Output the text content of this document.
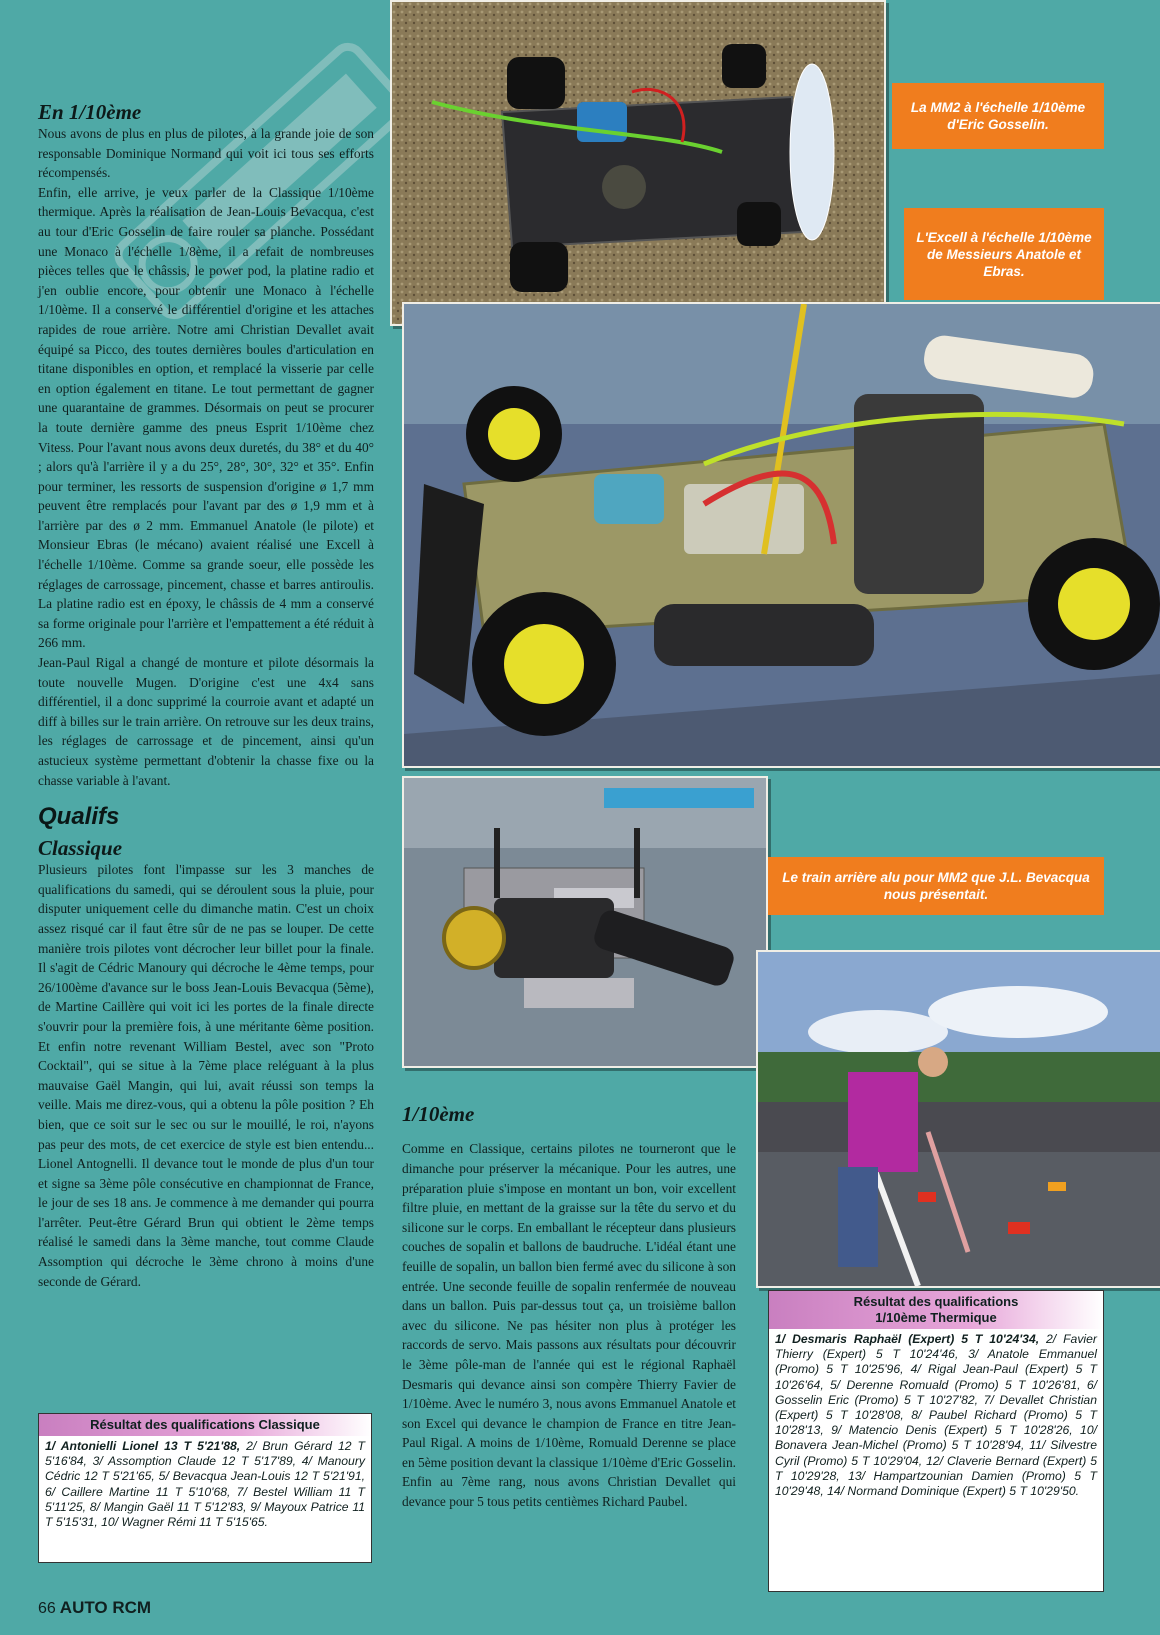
En 1/10ème

Nous avons de plus en plus de pilotes, à la grande joie de son responsable Dominique Normand qui voit ici tous ses efforts récompensés.

Enfin, elle arrive, je veux parler de la Classique 1/10ème thermique. Après la réalisation de Jean-Louis Bevacqua, c'est au tour d'Eric Gosselin de faire rouler sa planche. Possédant une Monaco à l'échelle 1/8ème, il a refait de nombreuses pièces telles que le châssis, le power pod, la platine radio et j'en oublie encore, pour obtenir une Monaco à l'échelle 1/10ème. Il a conservé le différentiel d'origine et les attaches rapides de roue arrière. Notre ami Christian Devallet avait équipé sa Picco, des toutes dernières boules d'articulation en titane disponibles en option, et remplacé la visserie par celle en option également en titane. Le tout permettant de gagner une quarantaine de grammes. Désormais on peut se procurer la toute dernière gamme des pneus Esprit 1/10ème chez Vitess. Pour l'avant nous avons deux duretés, du 38° et du 40° ; alors qu'à l'arrière il y a du 25°, 28°, 30°, 32° et 35°. Enfin pour terminer, les ressorts de suspension d'origine ø 1,7 mm peuvent être remplacés pour l'avant par des ø 1,9 mm et à l'arrière par des ø 2 mm. Emmanuel Anatole (le pilote) et Monsieur Ebras (le mécano) avaient réalisé une Excell à l'échelle 1/10ème. Comme sa grande soeur, elle possède les réglages de carrossage, pincement, chasse et barres antiroulis. La platine radio est en époxy, le châssis de 4 mm a conservé sa forme originale pour l'arrière et l'empattement a été réduit à 266 mm.

Jean-Paul Rigal a changé de monture et pilote désormais la toute nouvelle Mugen. D'origine c'est une 4x4 sans différentiel, il a donc supprimé la courroie avant et adapté un diff à billes sur le train arrière. On retrouve sur les deux trains, les réglages de carrossage et de pincement, ainsi qu'un astucieux système permettant d'obtenir la chasse fixe ou la chasse variable à l'avant.

Qualifs
Classique

Plusieurs pilotes font l'impasse sur les 3 manches de qualifications du samedi, qui se déroulent sous la pluie, pour disputer uniquement celle du dimanche matin. C'est un choix assez risqué car il faut être sûr de ne pas se louper. De cette manière trois pilotes vont décrocher leur billet pour la finale. Il s'agit de Cédric Manoury qui décroche le 4ème temps, pour 26/100ème d'avance sur le boss Jean-Louis Bevacqua (5ème), de Martine Caillère qui voit ici les portes de la finale directe s'ouvrir pour la première fois, à une méritante 6ème position. Et enfin notre revenant William Bestel, avec son "Proto Cocktail", qui se situe à la 7ème place reléguant à la plus mauvaise Gaël Mangin, qui lui, avait réussi son temps la veille. Mais me direz-vous, qui a obtenu la pôle position ? Eh bien, que ce soit sur le sec ou sur le mouillé, le roi, n'ayons pas peur des mots, de cet exercice de style est bien entendu... Lionel Antognelli. Il devance tout le monde de plus d'un tour et signe sa 3ème pôle consécutive en championnat de France, le jour de ses 18 ans. Je commence à me demander qui pourra l'arrêter. Peut-être Gérard Brun qui obtient le 2ème temps réalisé le samedi dans la 3ème manche, tout comme Claude Assomption qui décroche le 3ème chrono à moins d'une seconde de Gérard.

Résultat des qualifications Classique
1/ Antonielli Lionel 13 T 5'21'88, 2/ Brun Gérard 12 T 5'16'84, 3/ Assomption Claude 12 T 5'17'89, 4/ Manoury Cédric 12 T 5'21'65, 5/ Bevacqua Jean-Louis 12 T 5'21'91, 6/ Caillere Martine 11 T 5'10'68, 7/ Bestel William 11 T 5'11'25, 8/ Mangin Gaël 11 T 5'12'83, 9/ Mayoux Patrice 11 T 5'15'31, 10/ Wagner Rémi 11 T 5'15'65.
66 AUTO RCM
La MM2 à l'échelle 1/10ème d'Eric Gosselin.
L'Excell à l'échelle 1/10ème de Messieurs Anatole et Ebras.
Le train arrière alu pour MM2 que J.L. Bevacqua nous présentait.
1/10ème

Comme en Classique, certains pilotes ne tourneront que le dimanche pour préserver la mécanique. Pour les autres, une préparation pluie s'impose en montant un bon, voir excellent filtre pluie, en mettant de la graisse sur la tête du servo et du silicone sur le corps. En emballant le récepteur dans plusieurs couches de sopalin et ballons de baudruche. L'idéal étant une feuille de sopalin, un ballon bien fermé avec du silicone à son entrée. Une seconde feuille de sopalin renfermée de nouveau dans un ballon. Puis par-dessus tout ça, un troisième ballon avec du silicone. Ne pas hésiter non plus à protéger les raccords de servo. Mais passons aux résultats pour découvrir le 3ème pôle-man de l'année qui est le régional Raphaël Desmaris qui devance ainsi son compère Thierry Favier de 1/10ème. Avec le numéro 3, nous avons Emmanuel Anatole et son Excel qui devance le champion de France en titre Jean-Paul Rigal. A moins de 1/10ème, Romuald Derenne se place en 5ème position devant la classique 1/10ème d'Eric Gosselin. Enfin au 7ème rang, nous avons Christian Devallet qui devance pour 5 tous petits centièmes Richard Paubel.

Résultat des qualifications
1/10ème Thermique
1/ Desmaris Raphaël (Expert) 5 T 10'24'34, 2/ Favier Thierry (Expert) 5 T 10'24'46, 3/ Anatole Emmanuel (Promo) 5 T 10'25'96, 4/ Rigal Jean-Paul (Expert) 5 T 10'26'64, 5/ Derenne Romuald (Promo) 5 T 10'26'81, 6/ Gosselin Eric (Promo) 5 T 10'27'82, 7/ Devallet Christian (Expert) 5 T 10'28'08, 8/ Paubel Richard (Promo) 5 T 10'28'13, 9/ Matencio Denis (Expert) 5 T 10'28'26, 10/ Bonavera Jean-Michel (Promo) 5 T 10'28'94, 11/ Silvestre Cyril (Promo) 5 T 10'29'04, 12/ Claverie Bernard (Expert) 5 T 10'29'28, 13/ Hampartzounian Damien (Promo) 5 T 10'29'48, 14/ Normand Dominique (Expert) 5 T 10'29'50.
